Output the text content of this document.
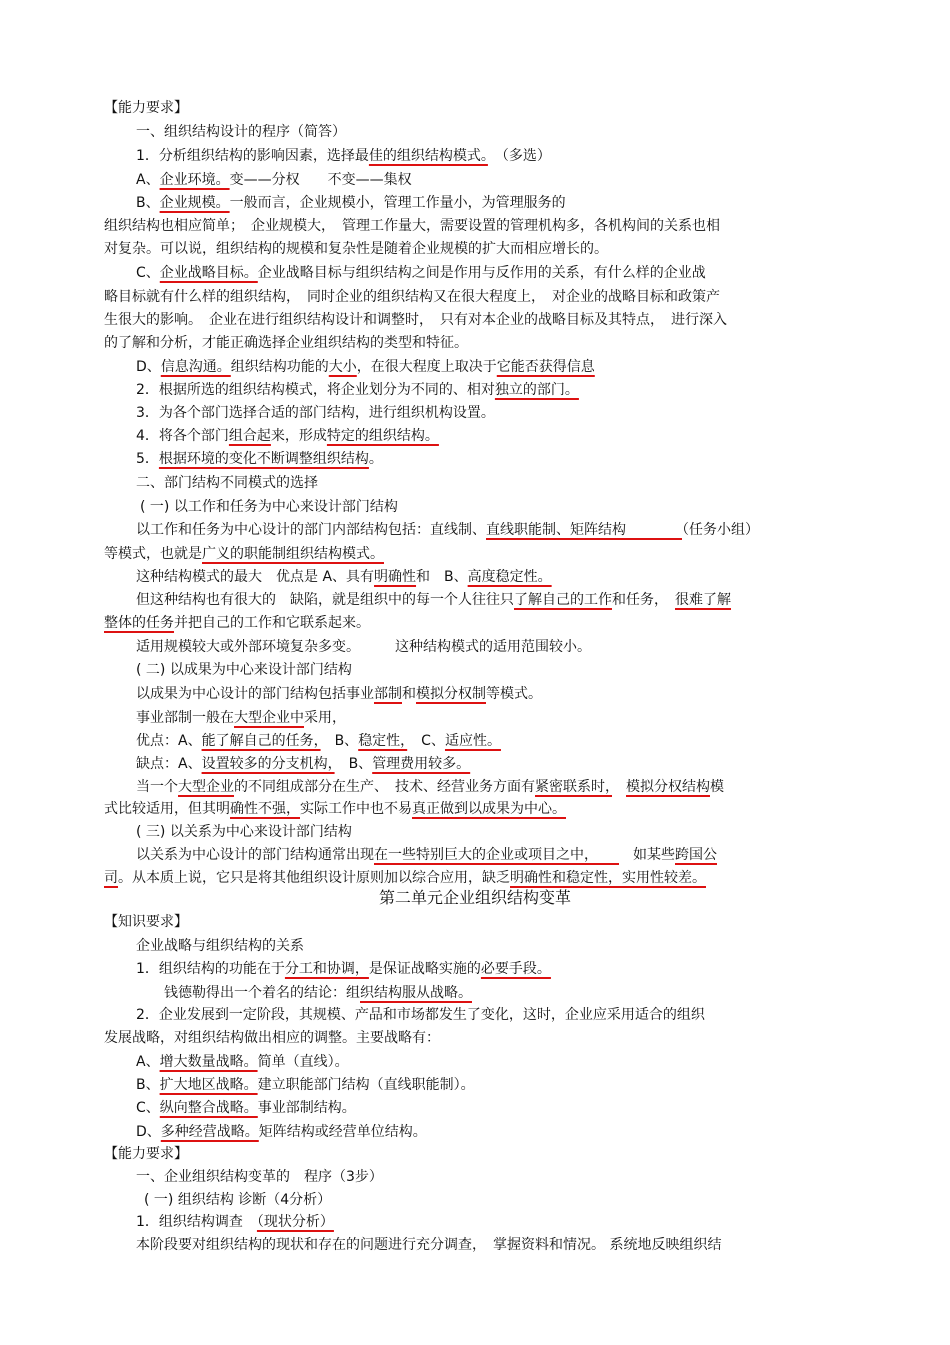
【能力要求】
一、组织结构设计的程序（简答）
1．分析组织结构的影响因素，选择最佳的组织结构模式。　（多选）
A、企业环境。变——分权　　不变——集权
B、企业规模。一般而言，企业规模小，管理工作量小，为管理服务的
组织结构也相应简单；　企业规模大，　管理工作量大，需要设置的管理机构多，各机构间的关系也相
对复杂。可以说，组织结构的规模和复杂性是随着企业规模的扩大而相应增长的。
C、企业战略目标。企业战略目标与组织结构之间是作用与反作用的关系，有什么样的企业战
略目标就有什么样的组织结构，　同时企业的组织结构又在很大程度上，　对企业的战略目标和政策产
生很大的影响。　企业在进行组织结构设计和调整时，　只有对本企业的战略目标及其特点，　进行深入
的了解和分析，才能正确选择企业组织结构的类型和特征。
D、信息沟通。组织结构功能的大小，在很大程度上取决于它能否获得信息
2．根据所选的组织结构模式，将企业划分为不同的、相对独立的部门。
3．为各个部门选择合适的部门结构，进行组织机构设置。
4．将各个部门组合起来，形成特定的组织结构。
5．根据环境的变化不断调整组织结构。
二、部门结构不同模式的选择
( 一) 以工作和任务为中心来设计部门结构
以工作和任务为中心设计的部门内部结构包括：直线制、直线职能制、矩阵结构　　　　（任务小组）
等模式，也就是广义的职能制组织结构模式。
这种结构模式的最大　优点是 A、具有明确性和　B、高度稳定性。
但这种结构也有很大的　缺陷，就是组织中的每一个人往往只了解自己的工作和任务，　很难了解
整体的任务并把自己的工作和它联系起来。
适用规模较大或外部环境复杂多变。　　　这种结构模式的适用范围较小。
( 二) 以成果为中心来设计部门结构
以成果为中心设计的部门结构包括事业部制和模拟分权制等模式。
事业部制一般在大型企业中采用，
优点：A、能了解自己的任务，　B、稳定性，　C、适应性。
缺点：A、设置较多的分支机构，　B、管理费用较多。
当一个大型企业的不同组成部分在生产、　技术、经营业务方面有紧密联系时，　 模拟分权结构模
式比较适用，但其明确性不强，实际工作中也不易真正做到以成果为中心。
( 三) 以关系为中心来设计部门结构
以关系为中心设计的部门结构通常出现在一些特别巨大的企业或项目之中，　　　如某些跨国公
司。从本质上说，它只是将其他组织设计原则加以综合应用，缺乏明确性和稳定性，实用性较差。
第二单元企业组织结构变革
【知识要求】
企业战略与组织结构的关系
1．组织结构的功能在于分工和协调，是保证战略实施的必要手段。
钱德勒得出一个着名的结论：组织结构服从战略。
2．企业发展到一定阶段，其规模、产品和市场都发生了变化，这时，企业应采用适合的组织
发展战略，对组织结构做出相应的调整。主要战略有：
A、增大数量战略。简单（直线）。
B、扩大地区战略。建立职能部门结构（直线职能制）。
C、纵向整合战略。事业部制结构。
D、多种经营战略。矩阵结构或经营单位结构。
【能力要求】
一、企业组织结构变革的　程序（3步）
( 一) 组织结构 诊断（4分析）
1．组织结构调查　（现状分析）
本阶段要对组织结构的现状和存在的问题进行充分调查，　掌握资料和情况。 系统地反映组织结
